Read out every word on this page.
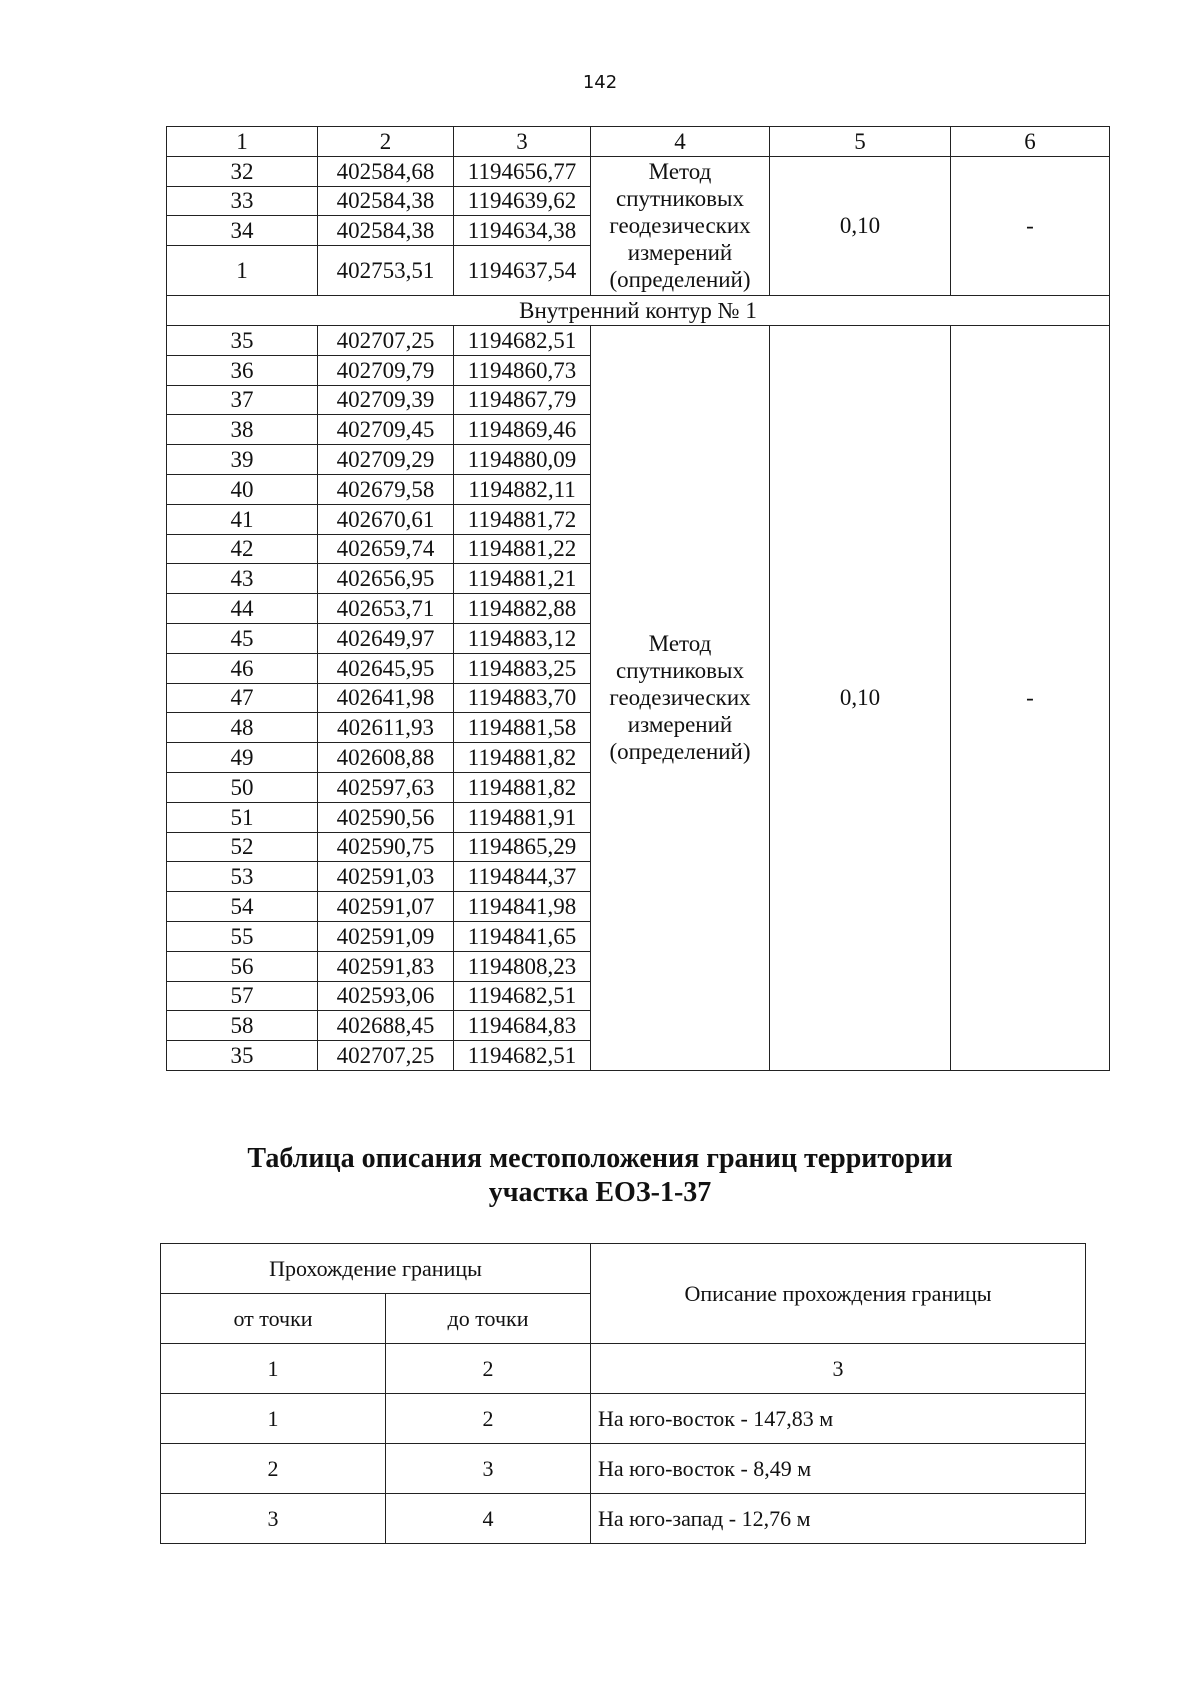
142
1	2	3	4	5	6
32	402584,68	1194656,77	Метод
спутниковых
геодезических
измерений
(определений)	0,10	-
33	402584,38	1194639,62			
34	402584,38	1194634,38			
1	402753,51	1194637,54			
Внутренний контур № 1					
35	402707,25	1194682,51	Метод
спутниковых
геодезических
измерений
(определений)	0,10	-
36	402709,79	1194860,73			
37	402709,39	1194867,79			
38	402709,45	1194869,46			
39	402709,29	1194880,09			
40	402679,58	1194882,11			
41	402670,61	1194881,72			
42	402659,74	1194881,22			
43	402656,95	1194881,21			
44	402653,71	1194882,88			
45	402649,97	1194883,12			
46	402645,95	1194883,25			
47	402641,98	1194883,70			
48	402611,93	1194881,58			
49	402608,88	1194881,82			
50	402597,63	1194881,82			
51	402590,56	1194881,91			
52	402590,75	1194865,29			
53	402591,03	1194844,37			
54	402591,07	1194841,98			
55	402591,09	1194841,65			
56	402591,83	1194808,23			
57	402593,06	1194682,51			
58	402688,45	1194684,83			
35	402707,25	1194682,51			
Таблица описания местоположения границ территории
участка ЕОЗ-1-37
Прохождение границы		Описание прохождения границы
от точки	до точки	
1	2	3
1	2	На юго-восток - 147,83 м
2	3	На юго-восток - 8,49 м
3	4	На юго-запад - 12,76 м
